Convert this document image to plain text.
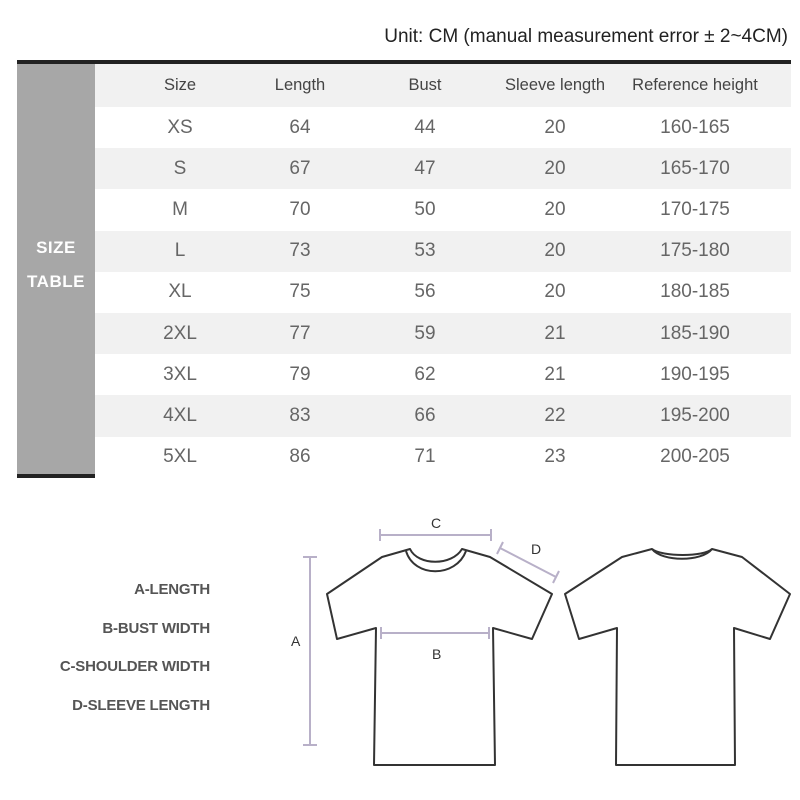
Unit: CM (manual measurement error ± 2~4CM)
SIZE
TABLE
Size	Length	Bust	Sleeve length	Reference height
XS	64	44	20	160-165
S	67	47	20	165-170
M	70	50	20	170-175
L	73	53	20	175-180
XL	75	56	20	180-185
2XL	77	59	21	185-190
3XL	79	62	21	190-195
4XL	83	66	22	195-200
5XL	86	71	23	200-205
A-LENGTH
B-BUST WIDTH
C-SHOULDER WIDTH
D-SLEEVE LENGTH
A
B
C
D
